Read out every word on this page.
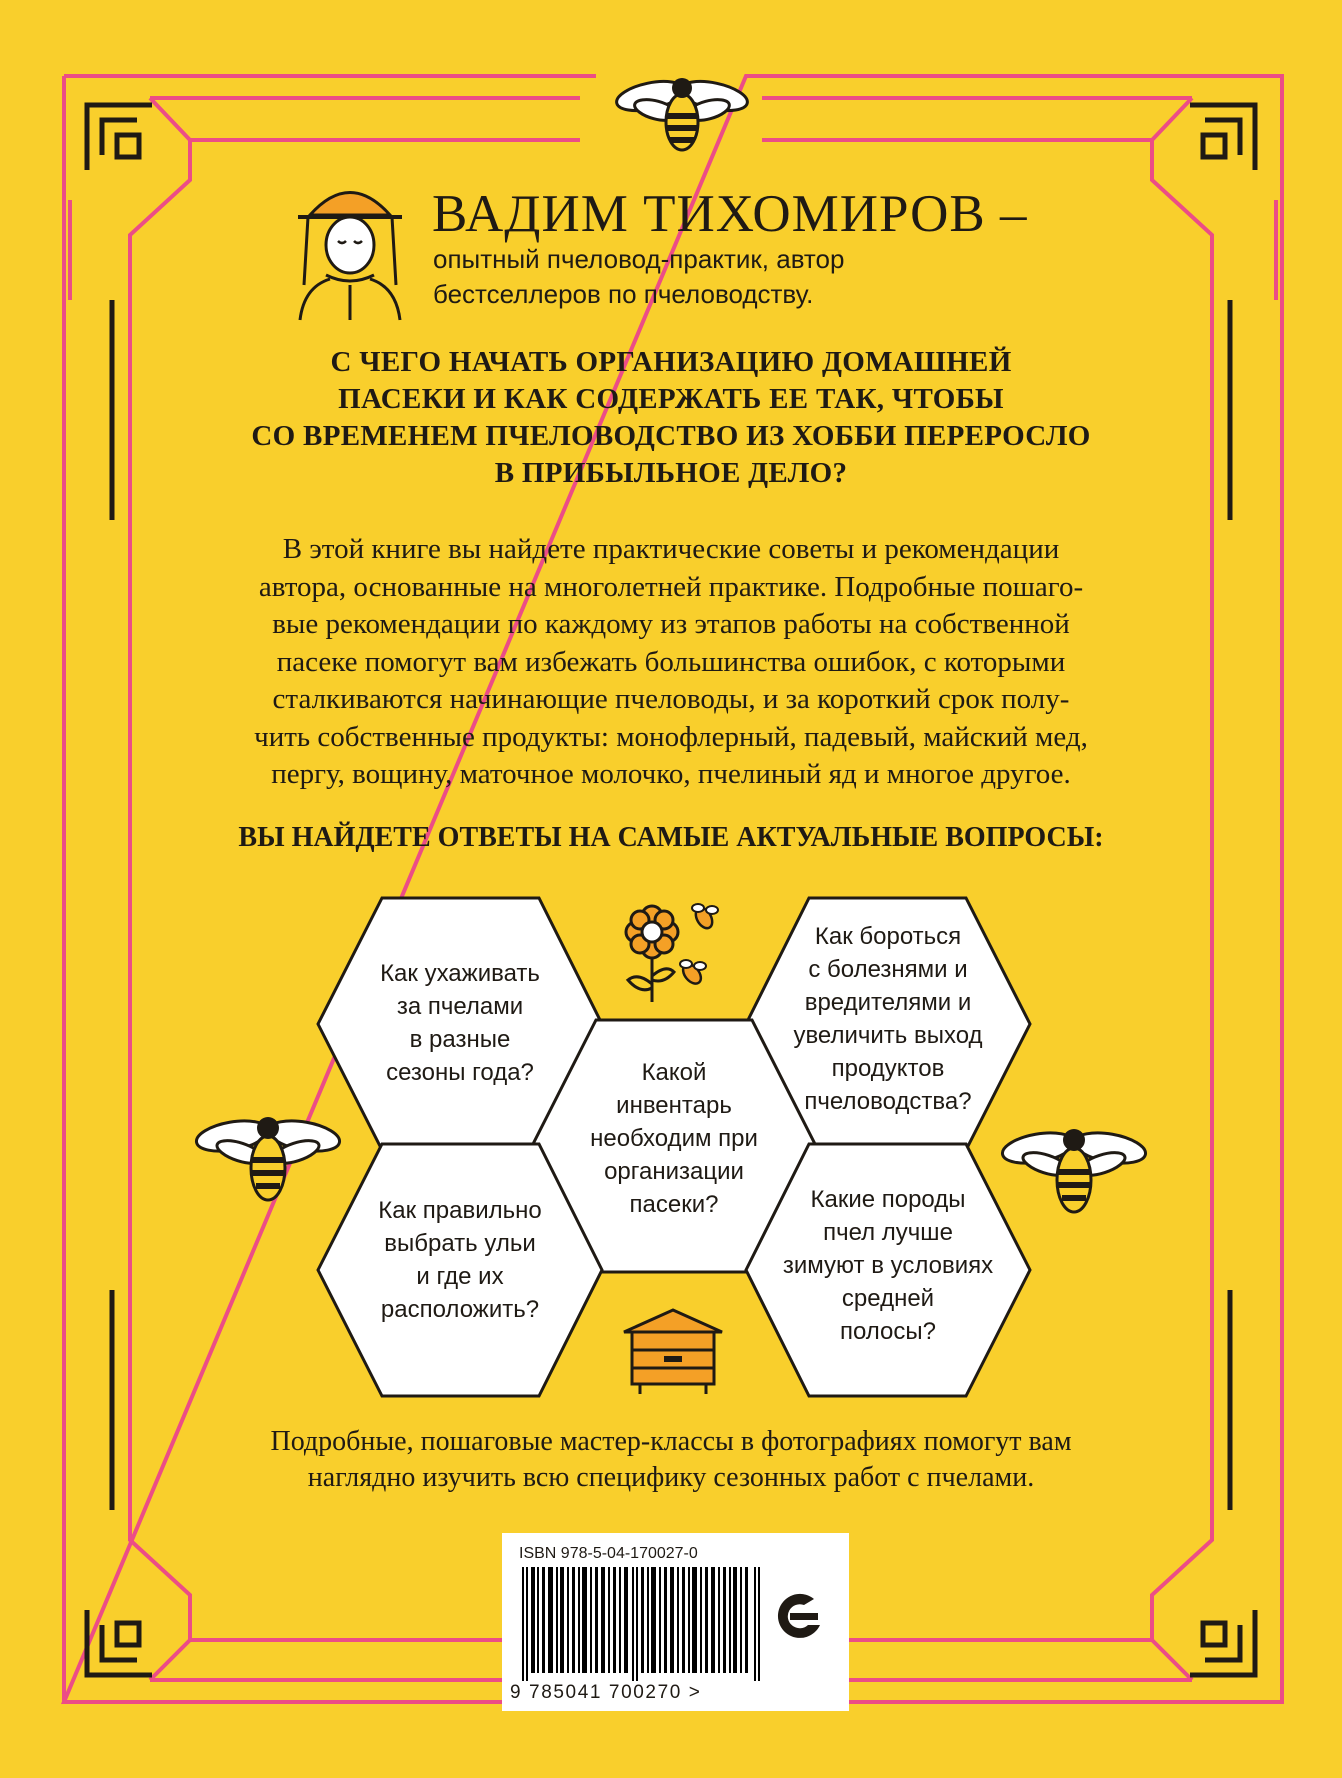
ВАДИМ ТИХОМИРОВ –
опытный пчеловод-практик, автор
бестселлеров по пчеловодству.
С ЧЕГО НАЧАТЬ ОРГАНИЗАЦИЮ ДОМАШНЕЙ
ПАСЕКИ И КАК СОДЕРЖАТЬ ЕЕ ТАК, ЧТОБЫ
СО ВРЕМЕНЕМ ПЧЕЛОВОДСТВО ИЗ ХОББИ ПЕРЕРОСЛО
В ПРИБЫЛЬНОЕ ДЕЛО?
В этой книге вы найдете практические советы и рекомендации
автора, основанные на многолетней практике. Подробные пошаго-
вые рекомендации по каждому из этапов работы на собственной
пасеке помогут вам избежать большинства ошибок, с которыми
сталкиваются начинающие пчеловоды, и за короткий срок полу-
чить собственные продукты: монофлерный, падевый, майский мед,
пергу, вощину, маточное молочко, пчелиный яд и многое другое.
ВЫ НАЙДЕТЕ ОТВЕТЫ НА САМЫЕ АКТУАЛЬНЫЕ ВОПРОСЫ:
Как ухаживать
за пчелами
в разные
сезоны года?
Как бороться
с болезнями и
вредителями и
увеличить выход
продуктов
пчеловодства?
Какой
инвентарь
необходим при
организации
пасеки?
Как правильно
выбрать ульи
и где их
расположить?
Какие породы
пчел лучше
зимуют в условиях
средней
полосы?
Подробные, пошаговые мастер-классы в фотографиях помогут вам
наглядно изучить всю специфику сезонных работ с пчелами.
ISBN 978-5-04-170027-0
9 785041 700270 >
